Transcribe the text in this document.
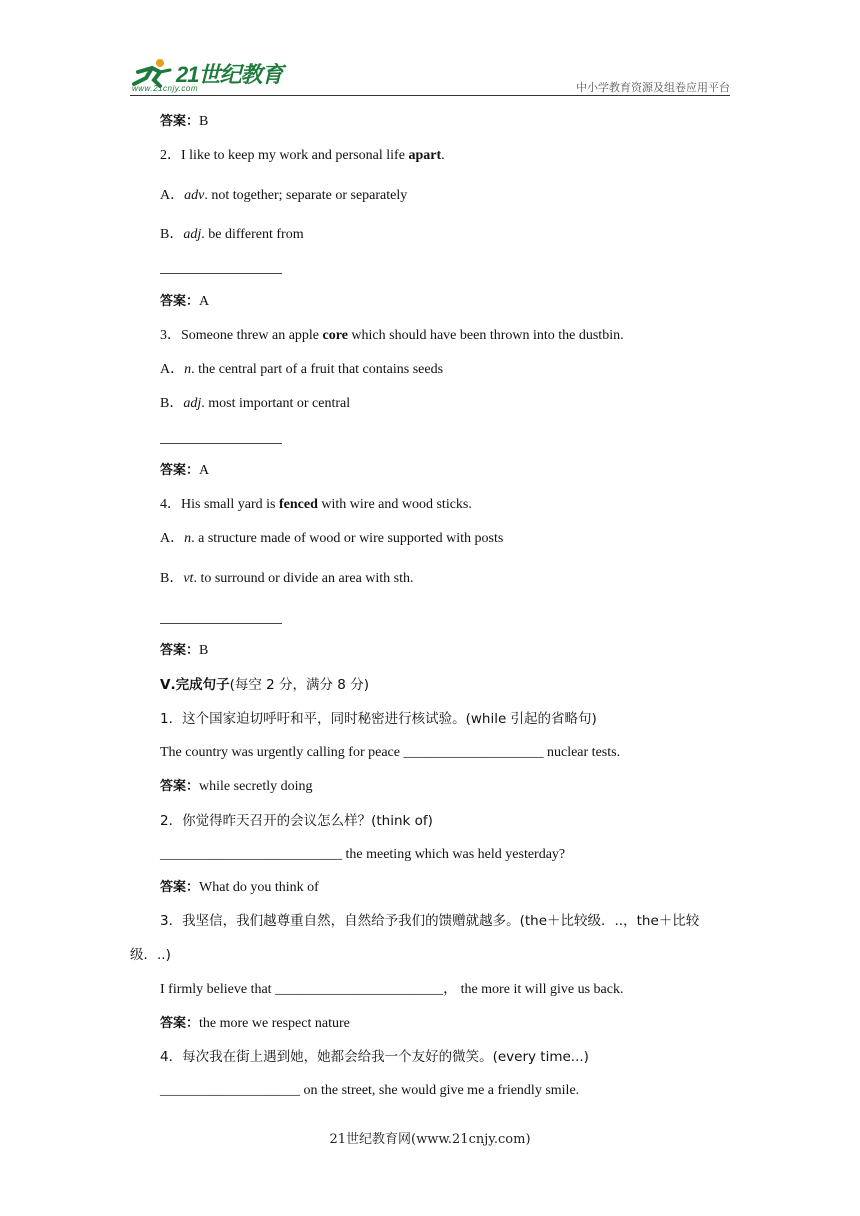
21世纪教育
www.21cnjy.com	中小学教育资源及组卷应用平台
答案：B
2．I like to keep my work and personal life apart.
A．adv. not together; separate or separately
B．adj. be different from
答案：A
3．Someone threw an apple core which should have been thrown into the dustbin.
A．n. the central part of a fruit that contains seeds
B．adj. most important or central
答案：A
4．His small yard is fenced with wire and wood sticks.
A．n. a structure made of wood or wire supported with posts
B．vt. to surround or divide an area with sth.
答案：B
Ⅴ.完成句子(每空 2 分，满分 8 分)
1．这个国家迫切呼吁和平，同时秘密进行核试验。(while 引起的省略句)
The country was urgently calling for peace ____________________ nuclear tests.
答案：while secretly doing
2．你觉得昨天召开的会议怎么样？(think of)
__________________________ the meeting which was held yesterday?
答案：What do you think of
3．我坚信，我们越尊重自然，自然给予我们的馈赠就越多。(the＋比较级．..，the＋比较级．..)
I firmly believe that ________________________， the more it will give us back.
答案：the more we respect nature
4．每次我在街上遇到她，她都会给我一个友好的微笑。(every time...)
____________________ on the street, she would give me a friendly smile.
21世纪教育网(www.21cnjy.com)
